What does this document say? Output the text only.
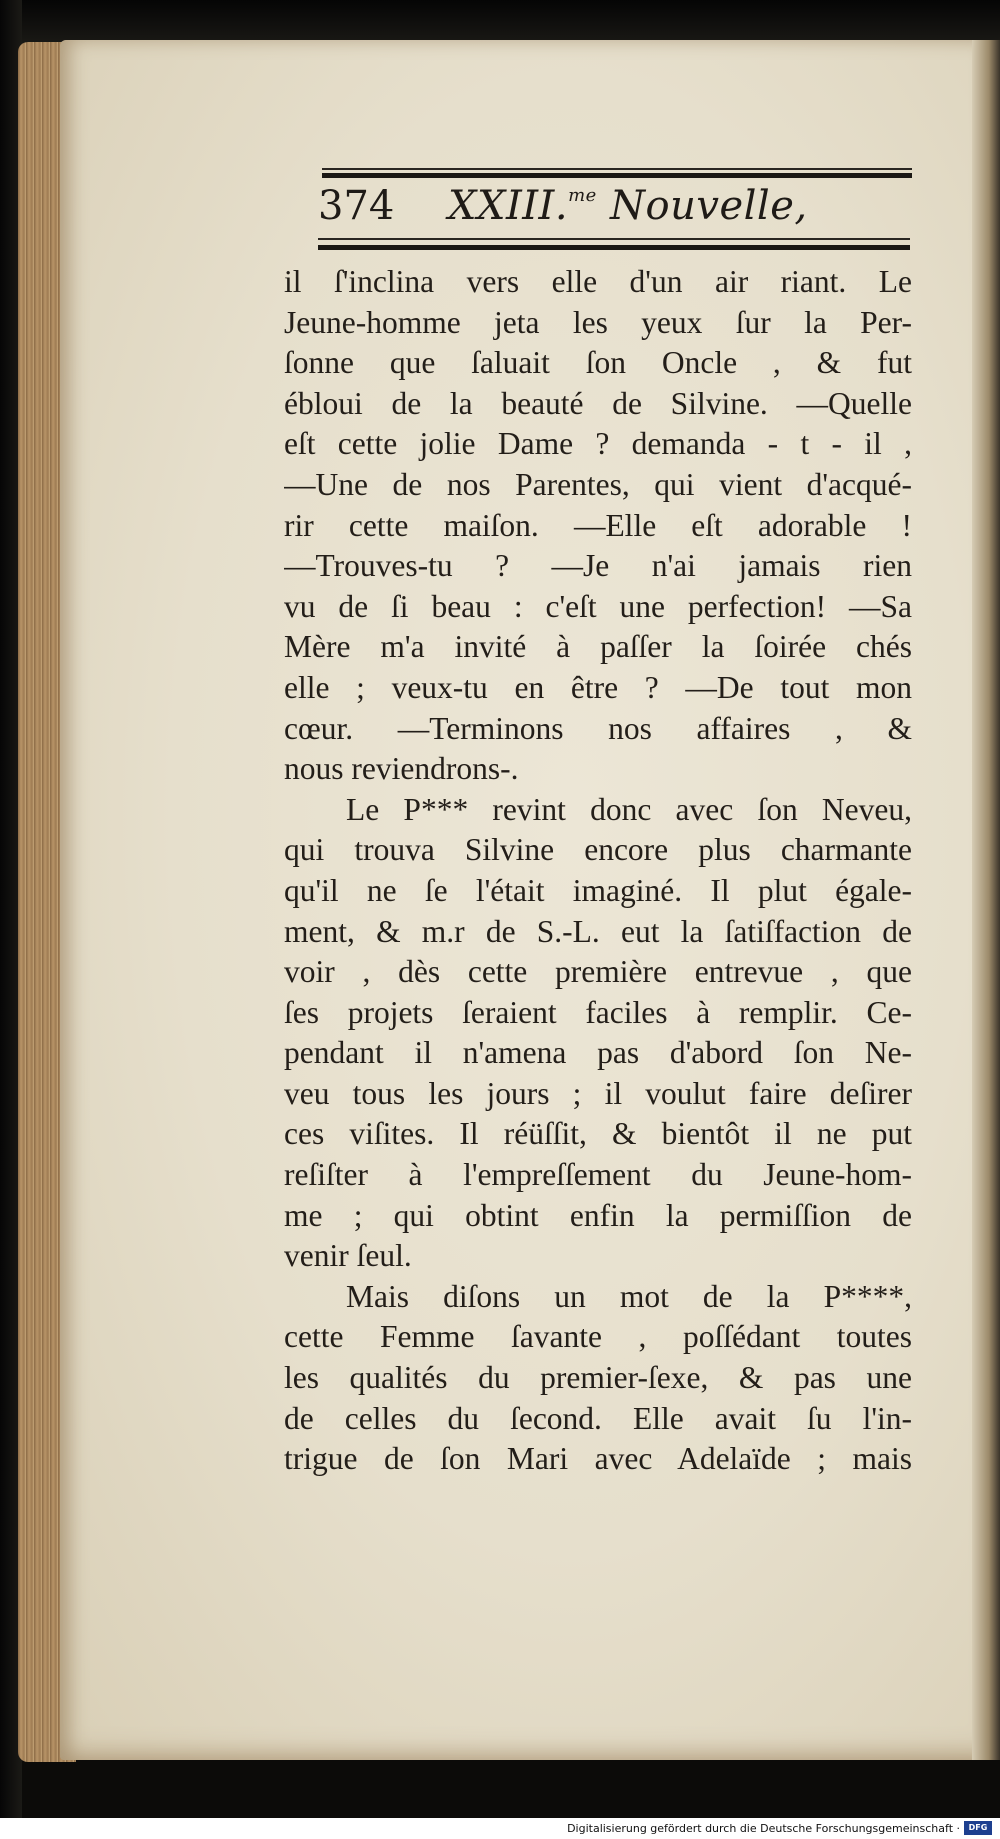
374 XXIII.$^{me}$ Nouvelle,
il ſ'inclina vers elle d'un air riant. Le
Jeune-homme jeta les yeux ſur la Per-
ſonne que ſaluait ſon Oncle , & fut
ébloui de la beauté de Silvine. —Quelle
eſt cette jolie Dame ? demanda - t - il ,
—Une de nos Parentes, qui vient d'acqué-
rir cette maiſon. —Elle eſt adorable !
—Trouves-tu ? —Je n'ai jamais rien
vu de ſi beau : c'eſt une perfection! —Sa
Mère m'a invité à paſſer la ſoirée chés
elle ; veux-tu en être ? —De tout mon
cœur. —Terminons nos affaires , &
nous reviendrons-.
Le P*** revint donc avec ſon Neveu,
qui trouva Silvine encore plus charmante
qu'il ne ſe l'était imaginé. Il plut égale-
ment, & m.r de S.-L. eut la ſatiſfaction de
voir , dès cette première entrevue , que
ſes projets ſeraient faciles à remplir. Ce-
pendant il n'amena pas d'abord ſon Ne-
veu tous les jours ; il voulut faire deſirer
ces viſites. Il réüſſit, & bientôt il ne put
reſiſter à l'empreſſement du Jeune-hom-
me ; qui obtint enfin la permiſſion de
venir ſeul.
Mais diſons un mot de la P****,
cette Femme ſavante , poſſédant toutes
les qualités du premier-ſexe, & pas une
de celles du ſecond. Elle avait ſu l'in-
trigue de ſon Mari avec Adelaïde ; mais
Digitalisierung gefördert durch die Deutsche Forschungsgemeinschaft ·	DFG
